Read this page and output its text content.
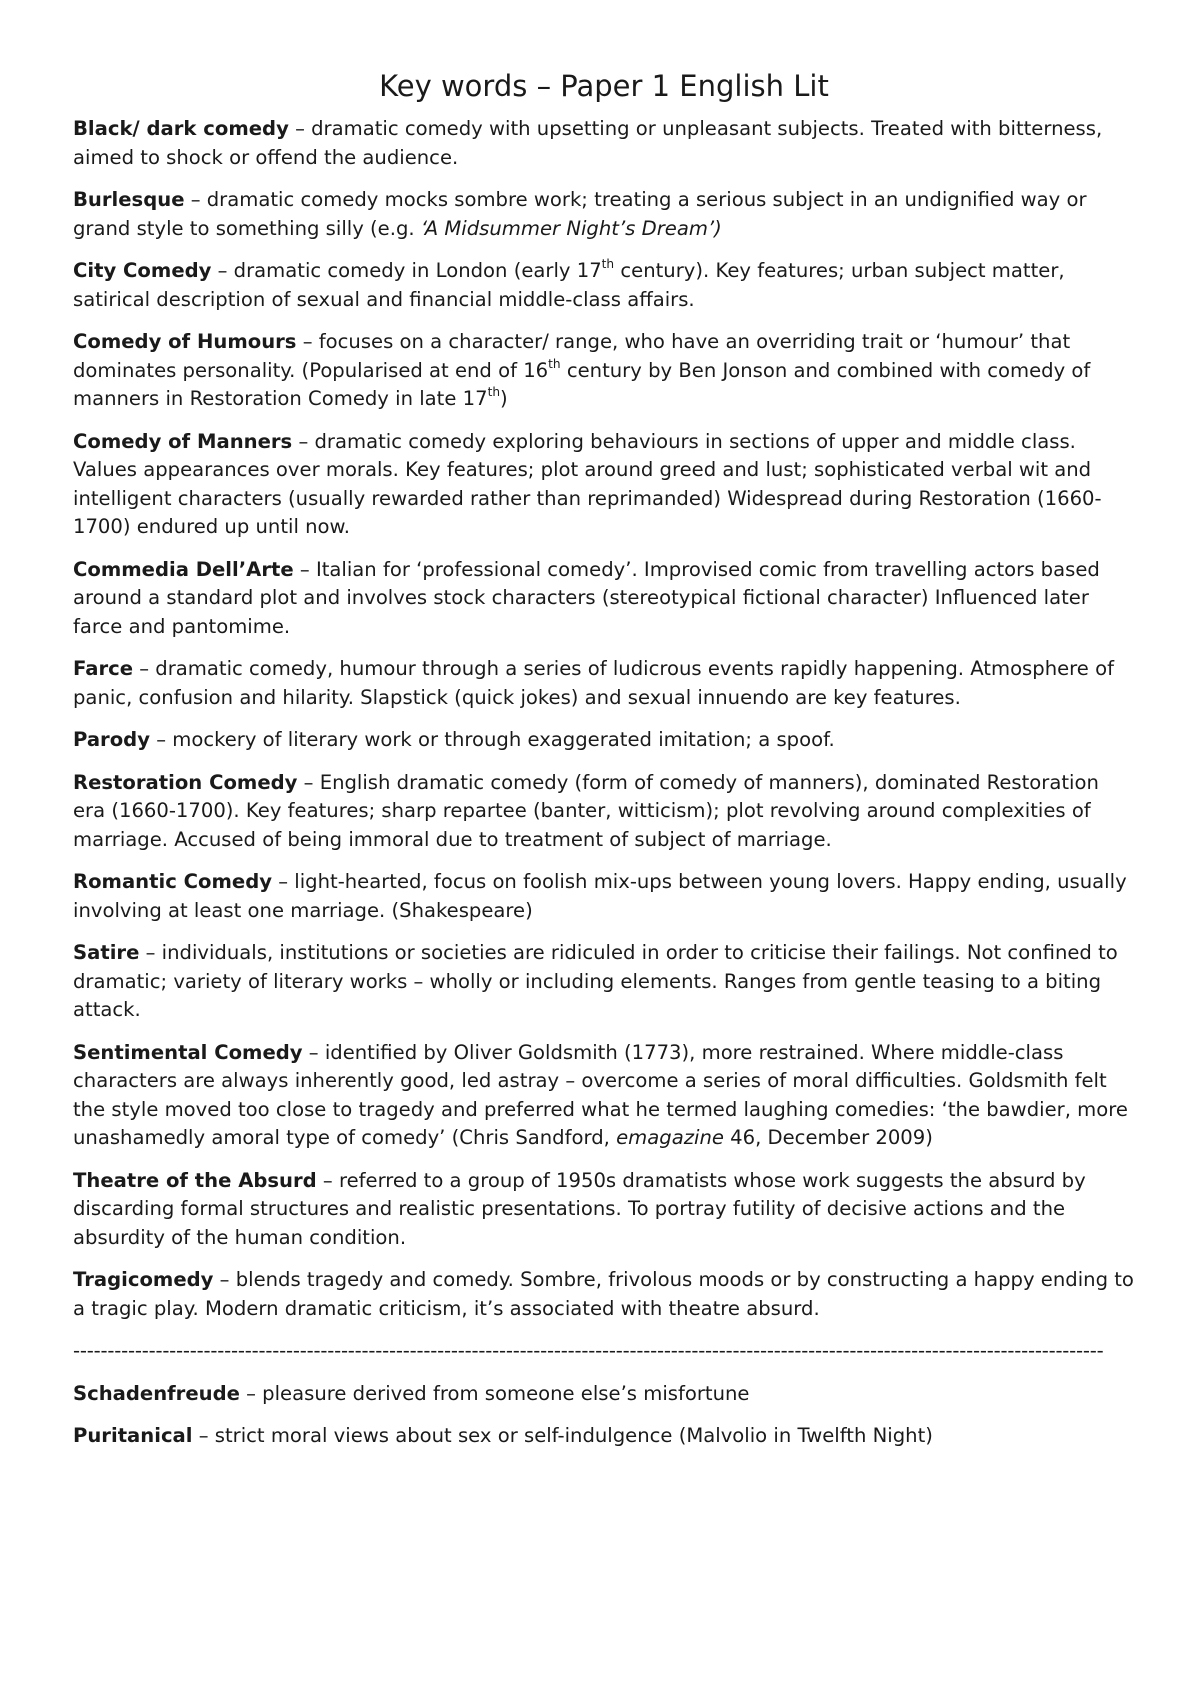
Key words – Paper 1 English Lit

Black/ dark comedy – dramatic comedy with upsetting or unpleasant subjects. Treated with bitterness, aimed to shock or offend the audience.

Burlesque – dramatic comedy mocks sombre work; treating a serious subject in an undignified way or grand style to something silly (e.g. ‘A Midsummer Night’s Dream’)

City Comedy – dramatic comedy in London (early 17th century). Key features; urban subject matter, satirical description of sexual and financial middle-class affairs.

Comedy of Humours – focuses on a character/ range, who have an overriding trait or ‘humour’ that dominates personality. (Popularised at end of 16th century by Ben Jonson and combined with comedy of manners in Restoration Comedy in late 17th)

Comedy of Manners – dramatic comedy exploring behaviours in sections of upper and middle class. Values appearances over morals. Key features; plot around greed and lust; sophisticated verbal wit and intelligent characters (usually rewarded rather than reprimanded) Widespread during Restoration (1660-1700) endured up until now.

Commedia Dell’Arte – Italian for ‘professional comedy’. Improvised comic from travelling actors based around a standard plot and involves stock characters (stereotypical fictional character) Influenced later farce and pantomime.

Farce – dramatic comedy, humour through a series of ludicrous events rapidly happening. Atmosphere of panic, confusion and hilarity. Slapstick (quick jokes) and sexual innuendo are key features.

Parody – mockery of literary work or through exaggerated imitation; a spoof.

Restoration Comedy – English dramatic comedy (form of comedy of manners), dominated Restoration era (1660-1700). Key features; sharp repartee (banter, witticism); plot revolving around complexities of marriage. Accused of being immoral due to treatment of subject of marriage.

Romantic Comedy – light-hearted, focus on foolish mix-ups between young lovers. Happy ending, usually involving at least one marriage. (Shakespeare)

Satire – individuals, institutions or societies are ridiculed in order to criticise their failings. Not confined to dramatic; variety of literary works – wholly or including elements. Ranges from gentle teasing to a biting attack.

Sentimental Comedy – identified by Oliver Goldsmith (1773), more restrained. Where middle-class characters are always inherently good, led astray – overcome a series of moral difficulties. Goldsmith felt the style moved too close to tragedy and preferred what he termed laughing comedies: ‘the bawdier, more unashamedly amoral type of comedy’ (Chris Sandford, emagazine 46, December 2009)

Theatre of the Absurd – referred to a group of 1950s dramatists whose work suggests the absurd by discarding formal structures and realistic presentations. To portray futility of decisive actions and the absurdity of the human condition.

Tragicomedy – blends tragedy and comedy. Sombre, frivolous moods or by constructing a happy ending to a tragic play. Modern dramatic criticism, it’s associated with theatre absurd.

------------------------------------------------------------------------------------------------------------------------------------------------------

Schadenfreude – pleasure derived from someone else’s misfortune

Puritanical – strict moral views about sex or self-indulgence (Malvolio in Twelfth Night)
